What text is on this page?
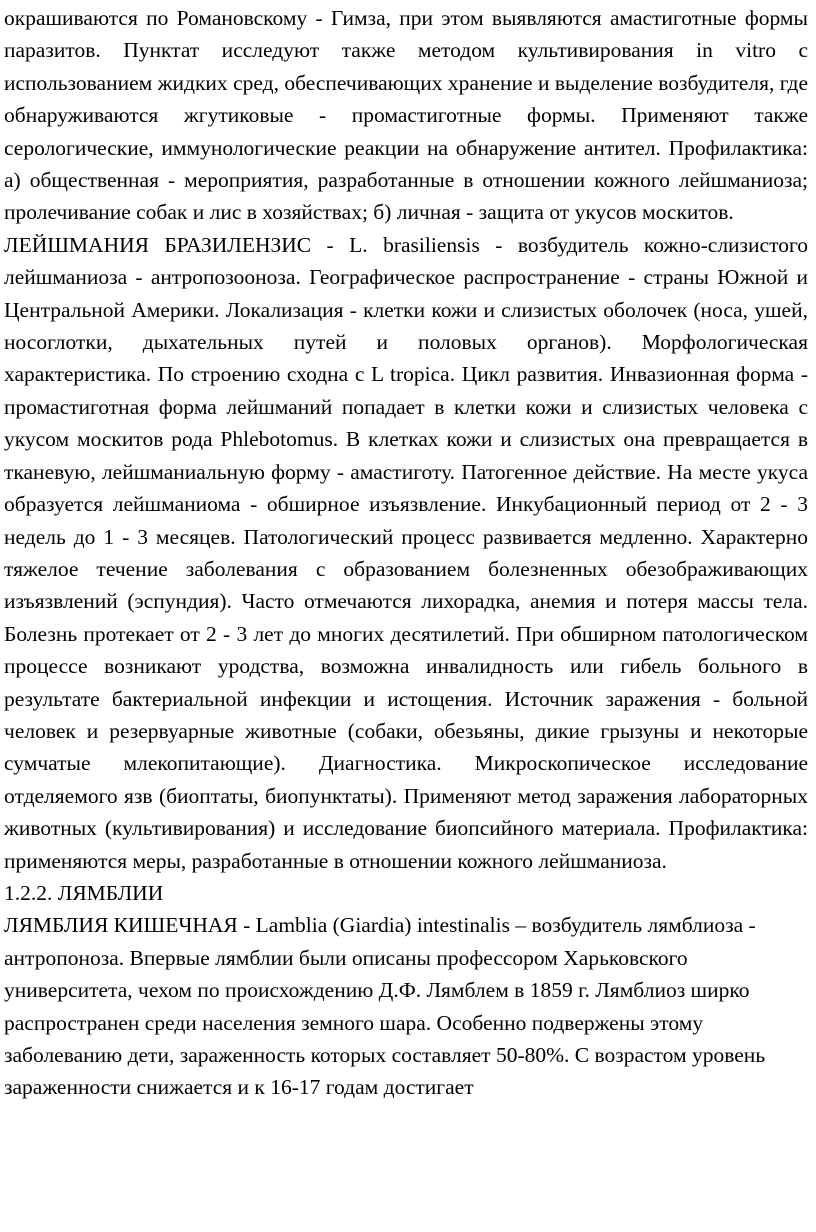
окрашиваются по Романовскому - Гимза, при этом выявляются амастиготные формы паразитов. Пунктат исследуют также методом культивирования in vitro с использованием жидких сред, обеспечивающих хранение и выделение возбудителя, где обнаруживаются жгутиковые - промастиготные формы. Применяют также серологические, иммунологические реакции на обнаружение антител. Профилактика: а) общественная - мероприятия, разработанные в отношении кожного лейшманиоза; пролечивание собак и лис в хозяйствах; б) личная - защита от укусов москитов.

ЛЕЙШМАНИЯ БРАЗИЛЕНЗИС - L. brasiliensis - возбудитель кожно-слизистого лейшманиоза - антропозооноза. Географическое распространение - страны Южной и Центральной Америки. Локализация - клетки кожи и слизистых оболочек (носа, ушей, носоглотки, дыхательных путей и половых органов). Морфологическая характеристика. По строению сходна с L tropica. Цикл развития. Инвазионная форма - промастиготная форма лейшманий попадает в клетки кожи и слизистых человека с укусом москитов рода Phlebotomus. В клетках кожи и слизистых она превращается в тканевую, лейшманиальную форму - амастиготу. Патогенное действие. На месте укуса образуется лейшманиома - обширное изъязвление. Инкубационный период от 2 - 3 недель до 1 - 3 месяцев. Патологический процесс развивается медленно. Характерно тяжелое течение заболевания с образованием болезненных обезображивающих изъязвлений (эспундия). Часто отмечаются лихорадка, анемия и потеря массы тела. Болезнь протекает от 2 - 3 лет до многих десятилетий. При обширном патологическом процессе возникают уродства, возможна инвалидность или гибель больного в результате бактериальной инфекции и истощения. Источник заражения - больной человек и резервуарные животные (собаки, обезьяны, дикие грызуны и некоторые сумчатые млекопитающие). Диагностика. Микроскопическое исследование отделяемого язв (биоптаты, биопунктаты). Применяют метод заражения лабораторных животных (культивирования) и исследование биопсийного материала. Профилактика: применяются меры, разработанные в отношении кожного лейшманиоза.

1.2.2. ЛЯМБЛИИ

ЛЯМБЛИЯ КИШЕЧНАЯ - Lamblia (Giardia) intestinalis – возбудитель лямблиоза - антропоноза. Впервые лямблии были описаны профессором Харьковского университета, чехом по происхождению Д.Ф. Лямблем в 1859 г. Лямблиоз ширко распространен среди населения земного шара. Особенно подвержены этому заболеванию дети, зараженность которых составляет 50-80%. С возрастом уровень зараженности снижается и к 16-17 годам достигает
